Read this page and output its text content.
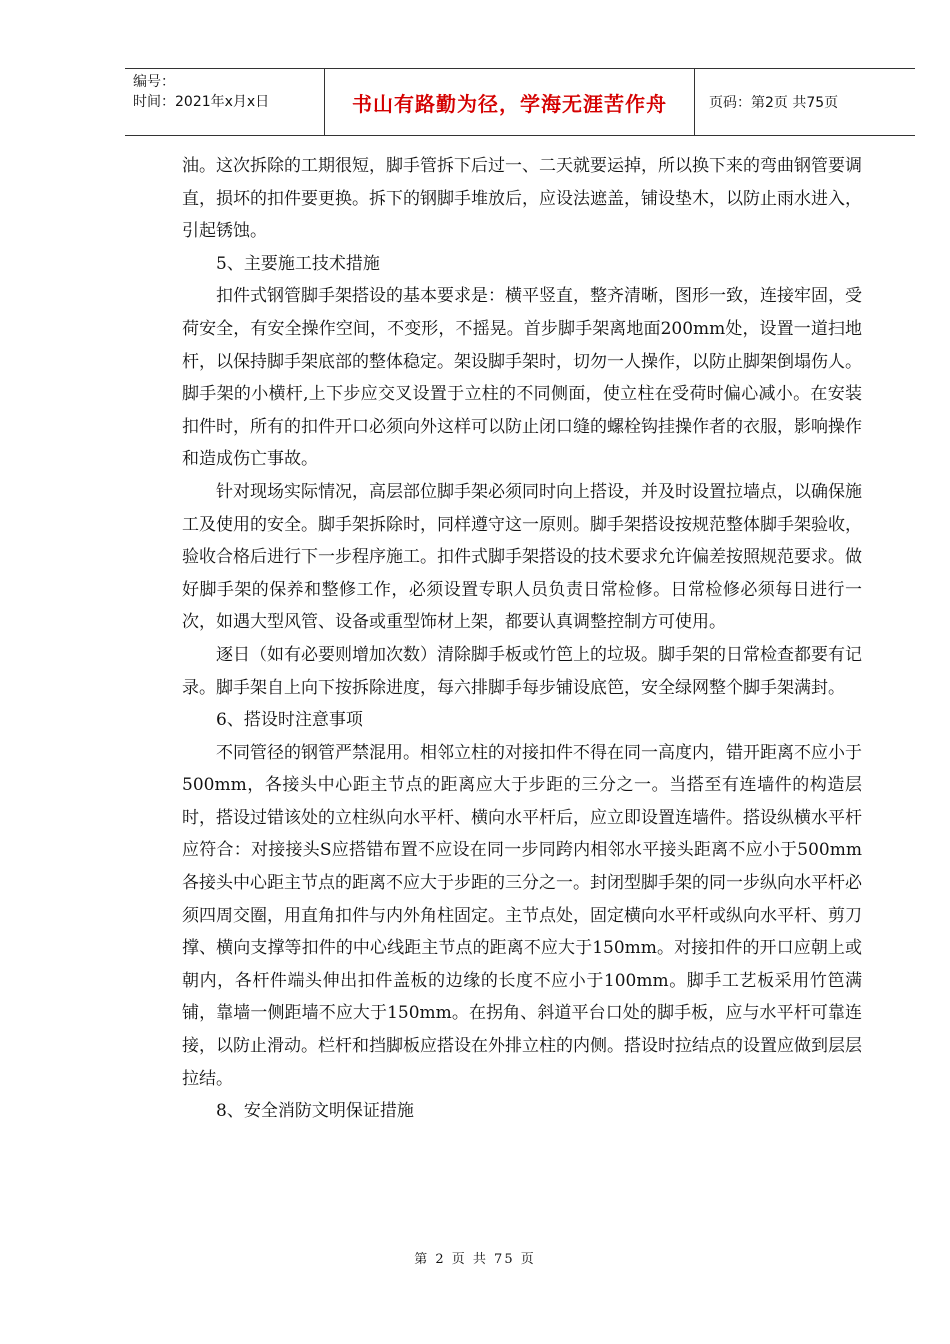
编号：
时间：2021年x月x日	书山有路勤为径，学海无涯苦作舟	页码：第2页 共75页

油。这次拆除的工期很短，脚手管拆下后过一、二天就要运掉，所以换下来的弯曲钢管要调直，损坏的扣件要更换。拆下的钢脚手堆放后，应设法遮盖，铺设垫木，以防止雨水进入，引起锈蚀。

5、主要施工技术措施

扣件式钢管脚手架搭设的基本要求是：横平竖直，整齐清晰，图形一致，连接牢固，受荷安全，有安全操作空间，不变形，不摇晃。首步脚手架离地面200mm处，设置一道扫地杆，以保持脚手架底部的整体稳定。架设脚手架时，切勿一人操作，以防止脚架倒塌伤人。脚手架的小横杆,上下步应交叉设置于立柱的不同侧面，使立柱在受荷时偏心减小。在安装扣件时，所有的扣件开口必须向外这样可以防止闭口缝的螺栓钩挂操作者的衣服，影响操作和造成伤亡事故。

针对现场实际情况，高层部位脚手架必须同时向上搭设，并及时设置拉墙点，以确保施工及使用的安全。脚手架拆除时，同样遵守这一原则。脚手架搭设按规范整体脚手架验收，验收合格后进行下一步程序施工。扣件式脚手架搭设的技术要求允许偏差按照规范要求。做好脚手架的保养和整修工作，必须设置专职人员负责日常检修。日常检修必须每日进行一次，如遇大型风管、设备或重型饰材上架，都要认真调整控制方可使用。

逐日（如有必要则增加次数）清除脚手板或竹笆上的垃圾。脚手架的日常检查都要有记录。脚手架自上向下按拆除进度，每六排脚手每步铺设底笆，安全绿网整个脚手架满封。

6、搭设时注意事项

不同管径的钢管严禁混用。相邻立柱的对接扣件不得在同一高度内，错开距离不应小于500mm，各接头中心距主节点的距离应大于步距的三分之一。当搭至有连墙件的构造层时，搭设过错该处的立柱纵向水平杆、横向水平杆后，应立即设置连墙件。搭设纵横水平杆应符合：对接接头S应搭错布置不应设在同一步同跨内相邻水平接头距离不应小于500mm各接头中心距主节点的距离不应大于步距的三分之一。封闭型脚手架的同一步纵向水平杆必须四周交圈，用直角扣件与内外角柱固定。主节点处，固定横向水平杆或纵向水平杆、剪刀撑、横向支撑等扣件的中心线距主节点的距离不应大于150mm。对接扣件的开口应朝上或朝内，各杆件端头伸出扣件盖板的边缘的长度不应小于100mm。脚手工艺板采用竹笆满铺，靠墙一侧距墙不应大于150mm。在拐角、斜道平台口处的脚手板，应与水平杆可靠连接，以防止滑动。栏杆和挡脚板应搭设在外排立柱的内侧。搭设时拉结点的设置应做到层层拉结。

8、安全消防文明保证措施

第 2 页 共 75 页
